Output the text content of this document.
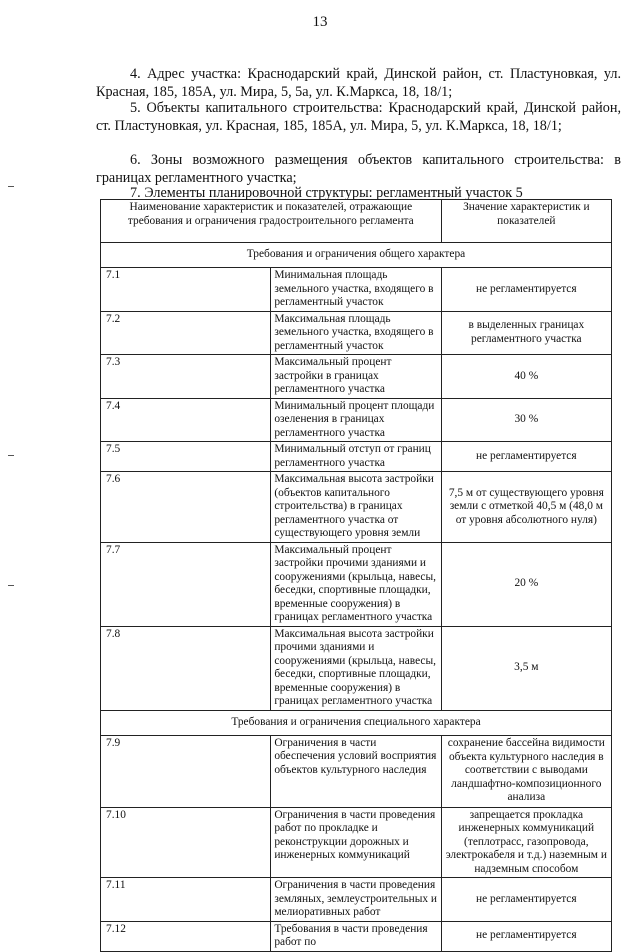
13
4. Адрес участка: Краснодарский край, Динской район, ст. Пластуновкая, ул. Красная, 185, 185А, ул. Мира, 5, 5а, ул. К.Маркса, 18, 18/1;
5. Объекты капитального строительства: Краснодарский край, Динской район, ст. Пластуновкая, ул. Красная, 185, 185А, ул. Мира, 5, ул. К.Маркса, 18, 18/1;
6. Зоны возможного размещения объектов капитального строительства: в границах регламентного участка;
7. Элементы планировочной структуры: регламентный участок 5
Наименование характеристик и показателей, отражающие требования и ограничения градостроительного регламента		Значение характеристик и показателей
Требования и ограничения общего характера		
7.1	Минимальная площадь земельного участка, входящего в регламентный участок	не регламентируется
7.2	Максимальная площадь земельного участка, входящего в регламентный участок	в выделенных границах регламентного участка
7.3	Максимальный процент застройки в границах регламентного участка	40 %
7.4	Минимальный процент площади озеленения в границах регламентного участка	30 %
7.5	Минимальный отступ от границ регламентного участка	не регламентируется
7.6	Максимальная высота застройки (объектов капитального строительства) в границах регламентного участка от существующего уровня земли	7,5 м от существующего уровня земли с отметкой 40,5 м (48,0 м от уровня абсолютного нуля)
7.7	Максимальный процент застройки прочими зданиями и сооружениями (крыльца, навесы, беседки, спортивные площадки, временные сооружения) в границах регламентного участка	20 %
7.8	Максимальная высота застройки прочими зданиями и сооружениями (крыльца, навесы, беседки, спортивные площадки, временные сооружения) в границах регламентного участка	3,5 м
Требования и ограничения специального характера		
7.9	Ограничения в части обеспечения условий восприятия объектов культурного наследия	сохранение бассейна видимости объекта культурного наследия в соответствии с выводами ландшафтно-композиционного анализа
7.10	Ограничения в части проведения работ по прокладке и реконструкции дорожных и инженерных коммуникаций	запрещается прокладка инженерных коммуникаций (теплотрасс, газопровода, электрокабеля и т.д.) наземным и надземным способом
7.11	Ограничения в части проведения земляных, землеустроительных и мелиоративных работ	не регламентируется
7.12	Требования в части проведения работ по	не регламентируется
